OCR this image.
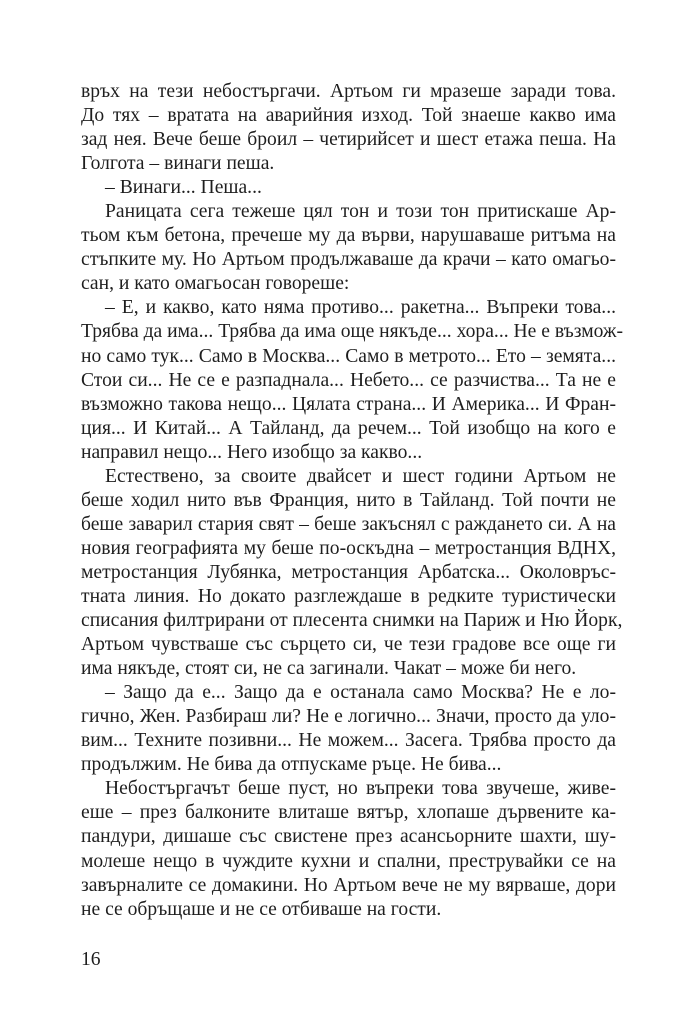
връх на тези небостъргачи. Артьом ги мразеше заради това.
До тях – вратата на аварийния изход. Той знаеше какво има
зад нея. Вече беше броил – четирийсет и шест етажа пеша. На
Голгота – винаги пеша.
– Винаги... Пеша...
Раницата сега тежеше цял тон и този тон притискаше Ар-
тьом към бетона, пречеше му да върви, нарушаваше ритъма на
стъпките му. Но Артьом продължаваше да крачи – като омагьо-
сан, и като омагьосан говореше:
– Е, и какво, като няма противо... ракетна... Въпреки това...
Трябва да има... Трябва да има още някъде... хора... Не е възмож-
но само тук... Само в Москва... Само в метрото... Ето – земята...
Стои си... Не се е разпаднала... Небето... се разчиства... Та не е
възможно такова нещо... Цялата страна... И Америка... И Фран-
ция... И Китай... А Тайланд, да речем... Той изобщо на кого е
направил нещо... Него изобщо за какво...
Естествено, за своите двайсет и шест години Артьом не
беше ходил нито във Франция, нито в Тайланд. Той почти не
беше заварил стария свят – беше закъснял с раждането си. А на
новия географията му беше по-оскъдна – метростанция ВДНХ,
метростанция Лубянка, метростанция Арбатска... Околовръс-
тната линия. Но докато разглеждаше в редките туристически
списания филтрирани от плесента снимки на Париж и Ню Йорк,
Артьом чувстваше със сърцето си, че тези градове все още ги
има някъде, стоят си, не са загинали. Чакат – може би него.
– Защо да е... Защо да е останала само Москва? Не е ло-
гично, Жен. Разбираш ли? Не е логично... Значи, просто да уло-
вим... Техните позивни... Не можем... Засега. Трябва просто да
продължим. Не бива да отпускаме ръце. Не бива...
Небостъргачът беше пуст, но въпреки това звучеше, живе-
еше – през балконите влиташе вятър, хлопаше дървените ка-
пандури, дишаше със свистене през асансьорните шахти, шу-
молеше нещо в чуждите кухни и спални, преструвайки се на
завърналите се домакини. Но Артьом вече не му вярваше, дори
не се обръщаше и не се отбиваше на гости.
16
